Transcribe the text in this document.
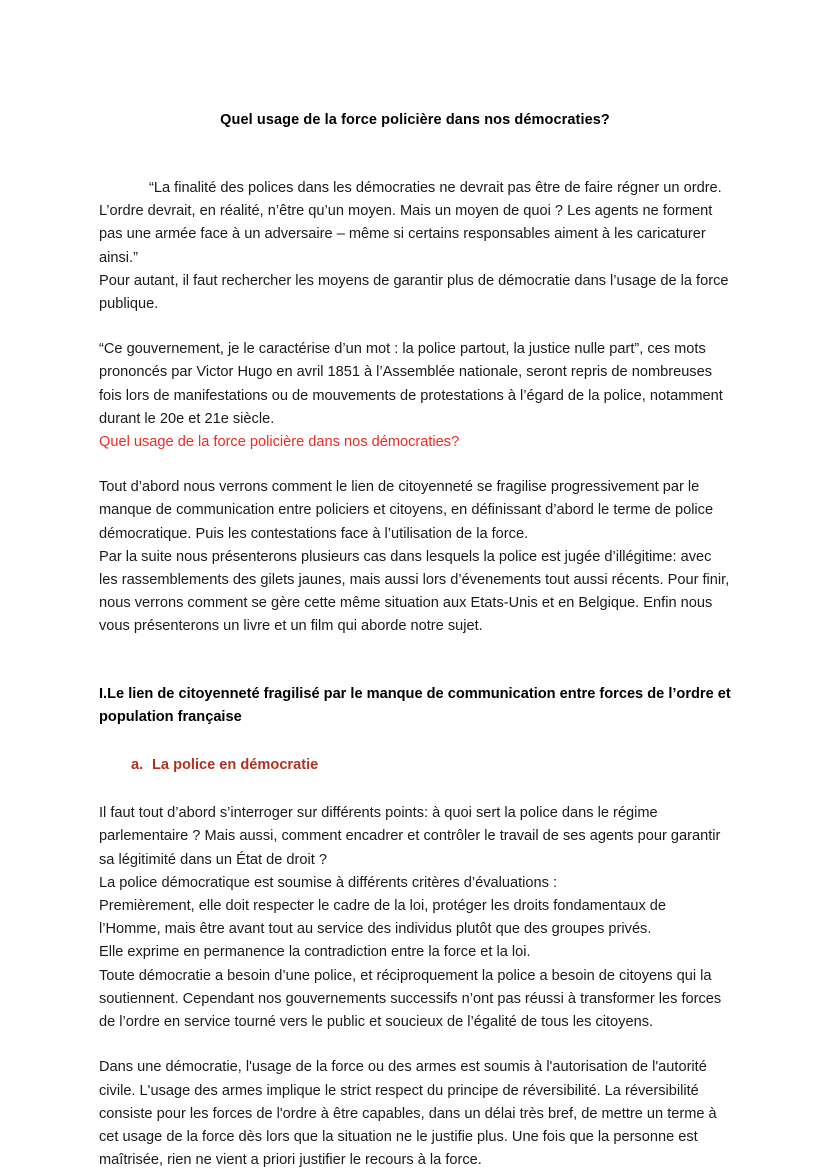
Quel usage de la force policière dans nos démocraties?

“La finalité des polices dans les démocraties ne devrait pas être de faire régner un ordre. L’ordre devrait, en réalité, n’être qu’un moyen. Mais un moyen de quoi ? Les agents ne forment pas une armée face à un adversaire – même si certains responsables aiment à les caricaturer ainsi.”

Pour autant, il faut rechercher les moyens de garantir plus de démocratie dans l’usage de la force publique.

“Ce gouvernement, je le caractérise d’un mot : la police partout, la justice nulle part”, ces mots prononcés par Victor Hugo en avril 1851 à l’Assemblée nationale, seront repris de nombreuses fois lors de manifestations ou de mouvements de protestations à l’égard de la police, notamment durant le 20e et 21e siècle.

Quel usage de la force policière dans nos démocraties?

Tout d’abord nous verrons comment le lien de citoyenneté se fragilise progressivement par le manque de communication entre policiers et citoyens, en définissant d’abord le terme de police démocratique. Puis les contestations face à l’utilisation de la force.

Par la suite nous présenterons plusieurs cas dans lesquels la police est jugée d’illégitime: avec les rassemblements des gilets jaunes, mais aussi lors d’évenements tout aussi récents. Pour finir, nous verrons comment se gère cette même situation aux Etats-Unis et en Belgique. Enfin nous vous présenterons un livre et un film qui aborde notre sujet.

I.Le lien de citoyenneté fragilisé par le manque de communication entre forces de l’ordre et population française
a. La police en démocratie

Il faut tout d’abord s’interroger sur différents points: à quoi sert la police dans le régime parlementaire ? Mais aussi, comment encadrer et contrôler le travail de ses agents pour garantir sa légitimité dans un État de droit ?

La police démocratique est soumise à différents critères d’évaluations :

Premièrement, elle doit respecter le cadre de la loi, protéger les droits fondamentaux de l’Homme, mais être avant tout au service des individus plutôt que des groupes privés.

Elle exprime en permanence la contradiction entre la force et la loi.

Toute démocratie a besoin d’une police, et réciproquement la police a besoin de citoyens qui la soutiennent. Cependant nos gouvernements successifs n’ont pas réussi à transformer les forces de l’ordre en service tourné vers le public et soucieux de l’égalité de tous les citoyens.

Dans une démocratie, l'usage de la force ou des armes est soumis à l'autorisation de l'autorité civile. L'usage des armes implique le strict respect du principe de réversibilité. La réversibilité consiste pour les forces de l'ordre à être capables, dans un délai très bref, de mettre un terme à cet usage de la force dès lors que la situation ne le justifie plus. Une fois que la personne est maîtrisée, rien ne vient a priori justifier le recours à la force.
